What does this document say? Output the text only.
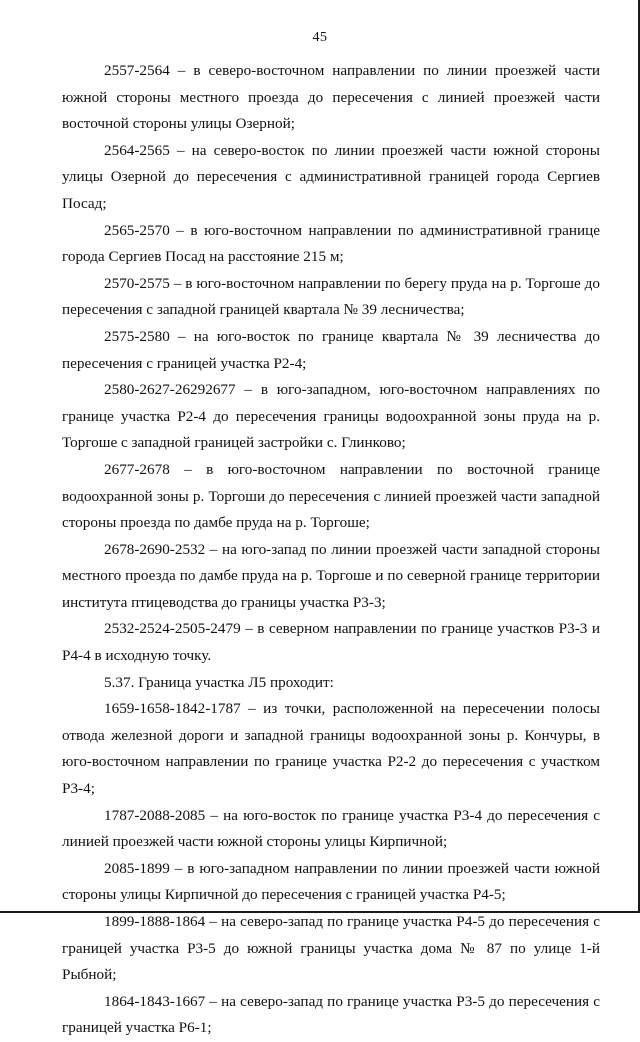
45

2557-2564 – в северо-восточном направлении по линии проезжей части южной стороны местного проезда до пересечения с линией проезжей части восточной стороны улицы Озерной;

2564-2565 – на северо-восток по линии проезжей части южной стороны улицы Озерной до пересечения с административной границей города Сергиев Посад;

2565-2570 – в юго-восточном направлении по административной границе города Сергиев Посад на расстояние 215 м;

2570-2575 – в юго-восточном направлении по берегу пруда на р. Торгоше до пересечения с западной границей квартала № 39 лесничества;

2575-2580 – на юго-восток по границе квартала № 39 лесничества до пересечения с границей участка Р2-4;

2580-2627-26292677 – в юго-западном, юго-восточном направлениях по границе участка Р2-4 до пересечения границы водоохранной зоны пруда на р. Торгоше с западной границей застройки с. Глинково;

2677-2678 – в юго-восточном направлении по восточной границе водоохранной зоны р. Торгоши до пересечения с линией проезжей части западной стороны проезда по дамбе пруда на р. Торгоше;

2678-2690-2532 – на юго-запад по линии проезжей части западной стороны местного проезда по дамбе пруда на р. Торгоше и по северной границе территории института птицеводства до границы участка Р3-3;

2532-2524-2505-2479 – в северном направлении по границе участков Р3-3 и Р4-4 в исходную точку.

5.37. Граница участка Л5 проходит:

1659-1658-1842-1787 – из точки, расположенной на пересечении полосы отвода железной дороги и западной границы водоохранной зоны р. Кончуры, в юго-восточном направлении по границе участка Р2-2 до пересечения с участком Р3-4;

1787-2088-2085 – на юго-восток по границе участка Р3-4 до пересечения с линией проезжей части южной стороны улицы Кирпичной;

2085-1899 – в юго-западном направлении по линии проезжей части южной стороны улицы Кирпичной до пересечения с границей участка Р4-5;

1899-1888-1864 – на северо-запад по границе участка Р4-5 до пересечения с границей участка Р3-5 до южной границы участка дома № 87 по улице 1-й Рыбной;

1864-1843-1667 – на северо-запад по границе участка Р3-5 до пересечения с границей участка Р6-1;
